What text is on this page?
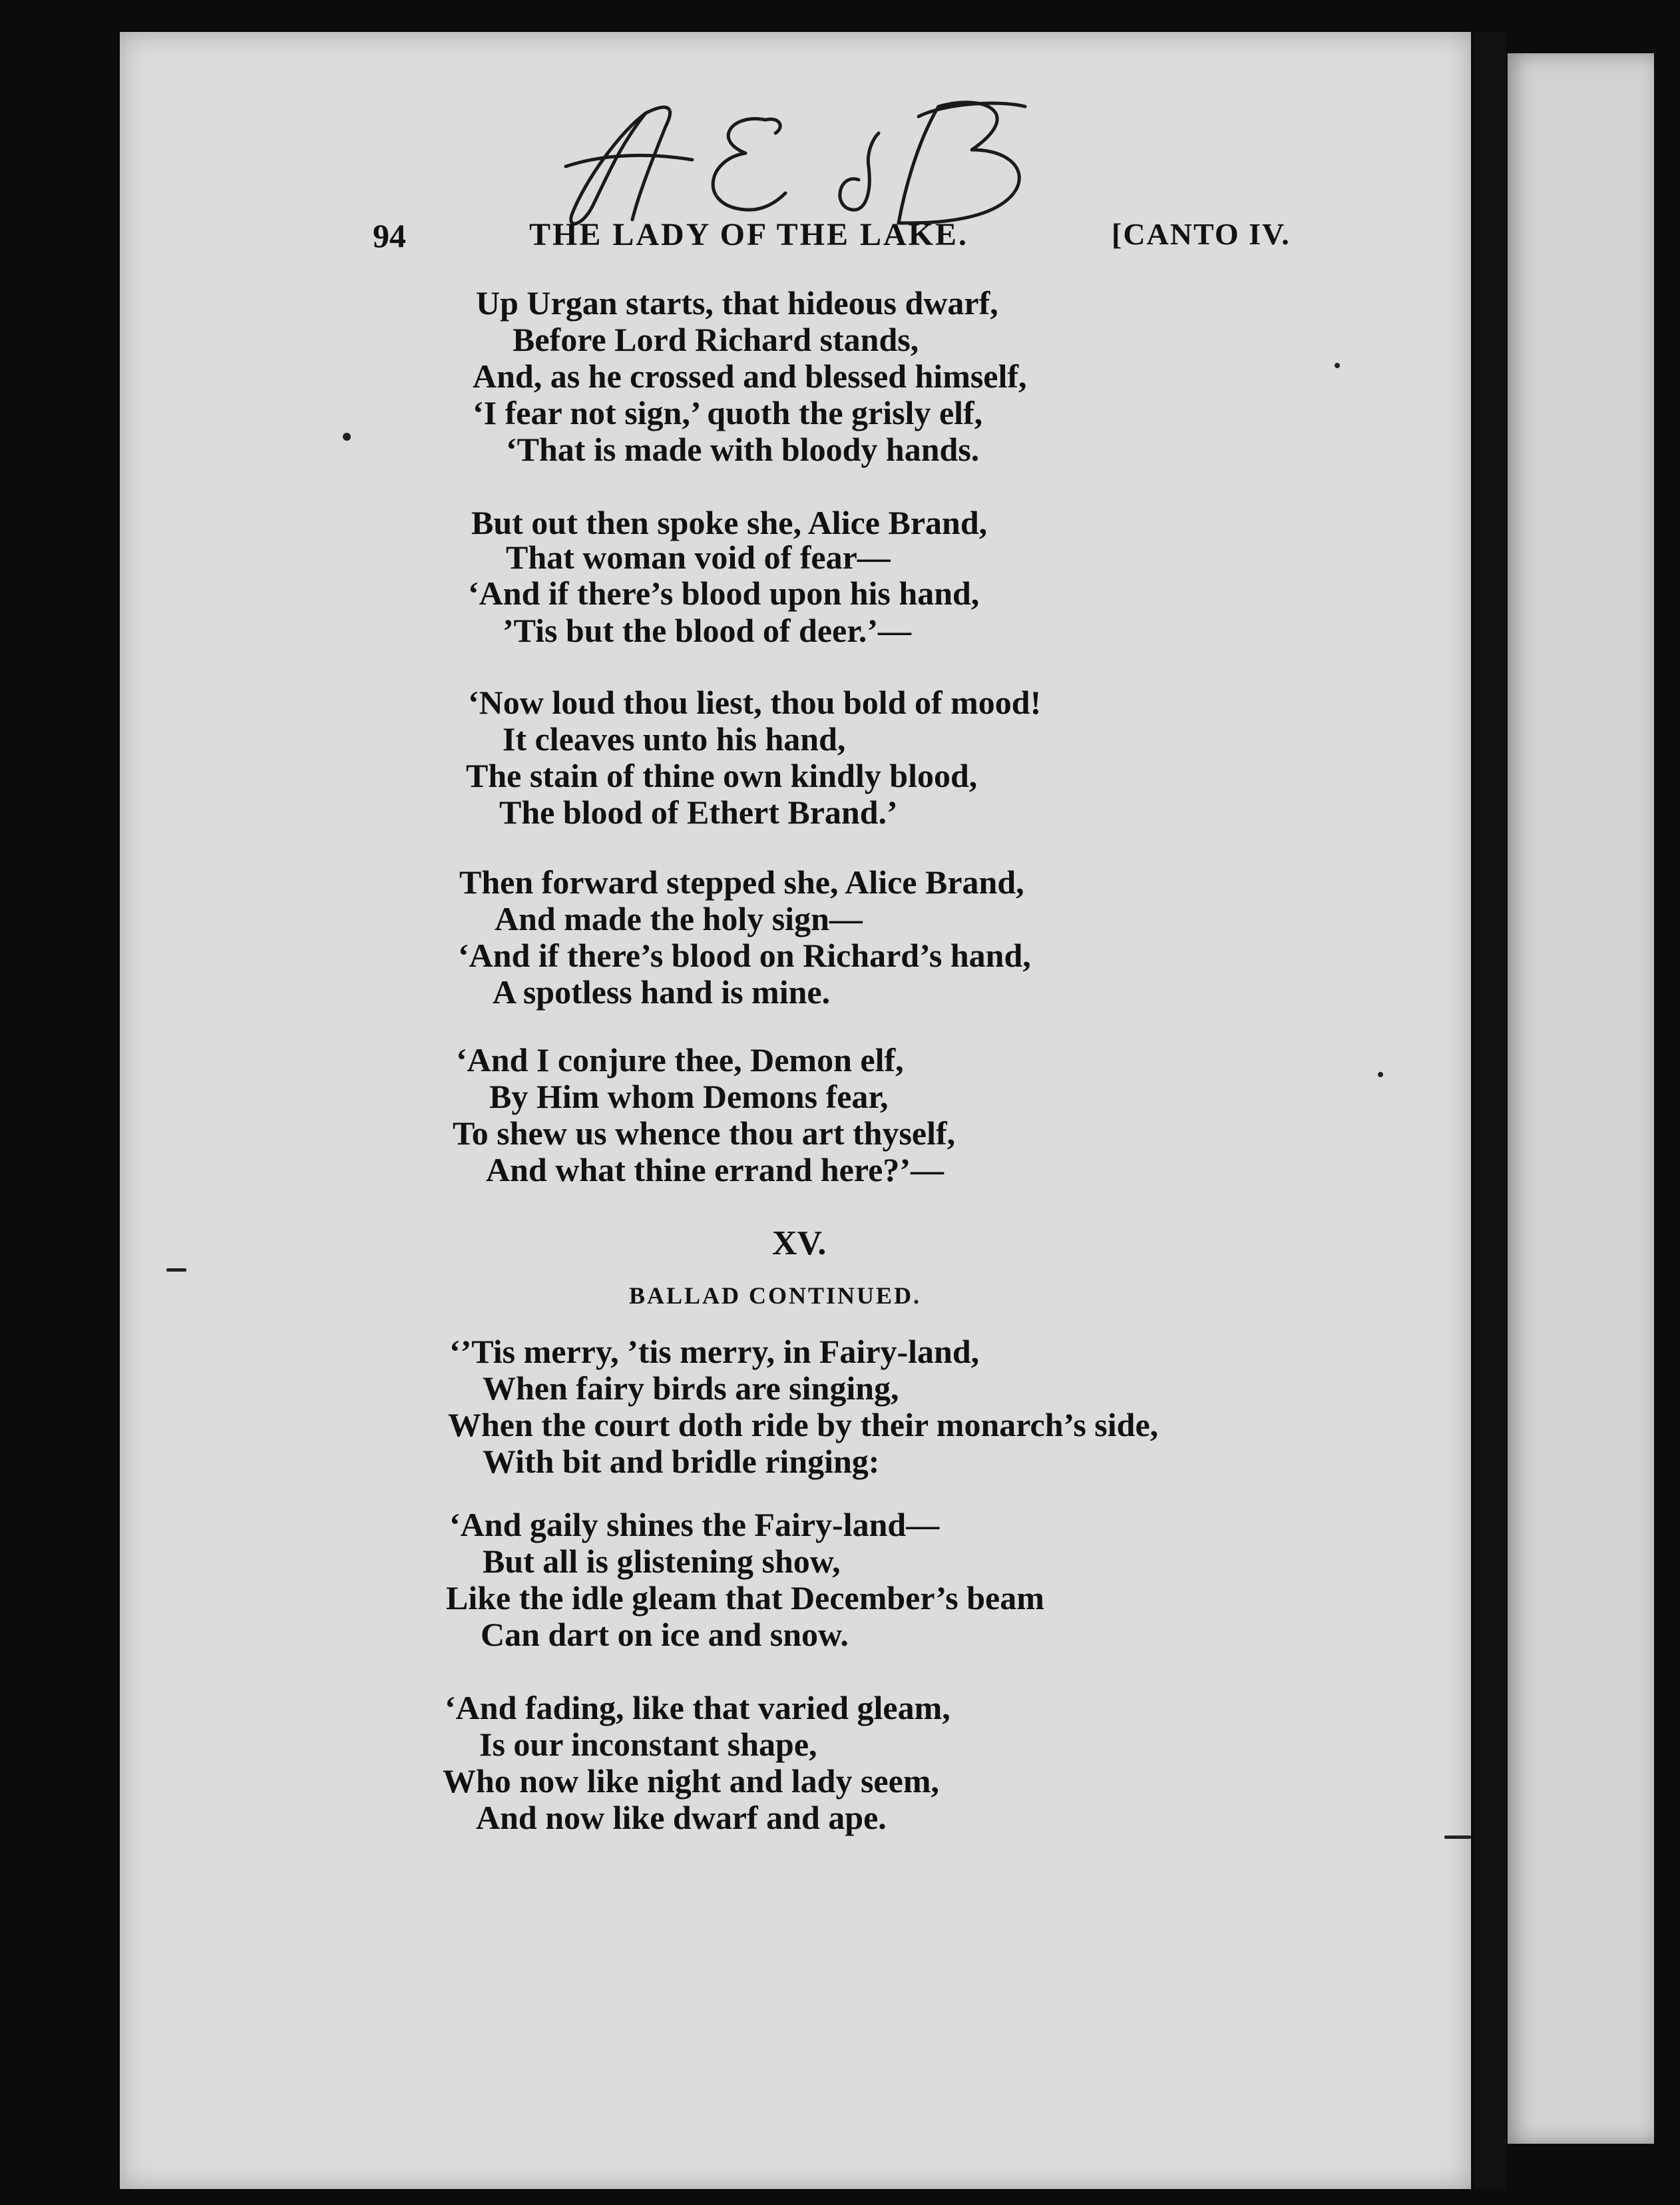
94	THE LADY OF THE LAKE.	[CANTO IV.
Up Urgan starts, that hideous dwarf,
Before Lord Richard stands,
And, as he crossed and blessed himself,
‘I fear not sign,’ quoth the grisly elf,
‘That is made with bloody hands.
But out then spoke she, Alice Brand,
That woman void of fear—
‘And if there’s blood upon his hand,
’Tis but the blood of deer.’—
‘Now loud thou liest, thou bold of mood!
It cleaves unto his hand,
The stain of thine own kindly blood,
The blood of Ethert Brand.’
Then forward stepped she, Alice Brand,
And made the holy sign—
‘And if there’s blood on Richard’s hand,
A spotless hand is mine.
‘And I conjure thee, Demon elf,
By Him whom Demons fear,
To shew us whence thou art thyself,
And what thine errand here?’—
XV.
BALLAD CONTINUED.
‘’Tis merry, ’tis merry, in Fairy-land,
When fairy birds are singing,
When the court doth ride by their monarch’s side,
With bit and bridle ringing:
‘And gaily shines the Fairy-land—
But all is glistening show,
Like the idle gleam that December’s beam
Can dart on ice and snow.
‘And fading, like that varied gleam,
Is our inconstant shape,
Who now like night and lady seem,
And now like dwarf and ape.
